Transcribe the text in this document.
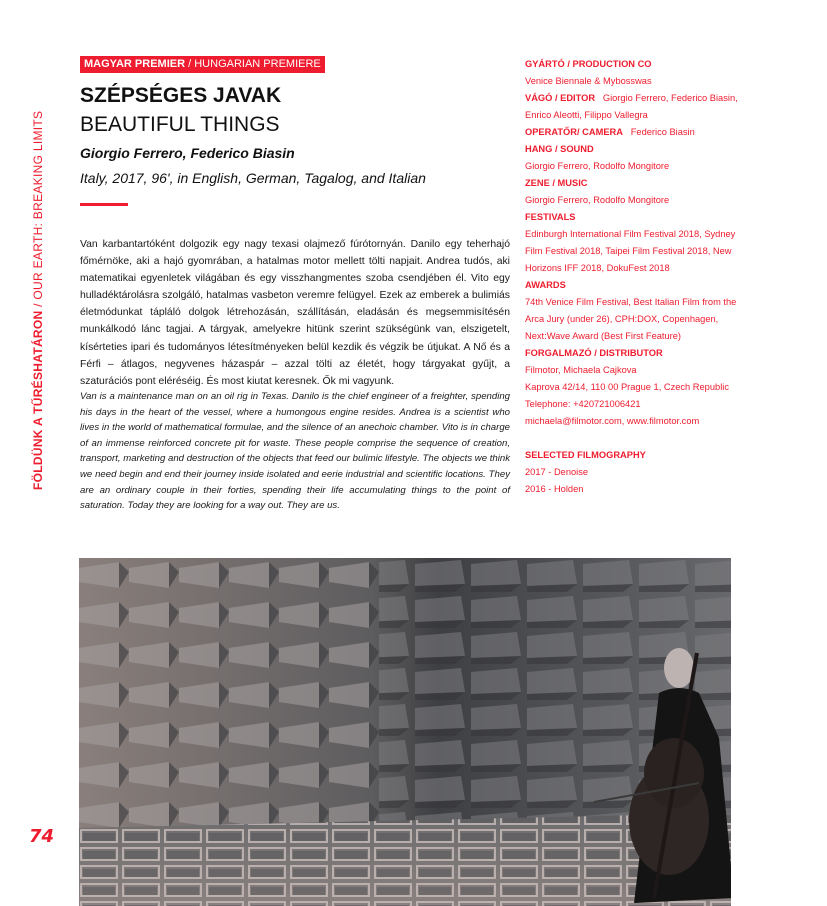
FÖLDÜNK A TŰRÉSHATÁRON / OUR EARTH: BREAKING LIMITS
74
MAGYAR PREMIER / HUNGARIAN PREMIERE
SZÉPSÉGES JAVAK
BEAUTIFUL THINGS
Giorgio Ferrero, Federico Biasin
Italy, 2017, 96', in English, German, Tagalog, and Italian

Van karbantartóként dolgozik egy nagy texasi olajmező fúrótornyán. Danilo egy teherhajó főmérnöke, aki a hajó gyomrában, a hatalmas motor mellett tölti napjait. Andrea tudós, aki matematikai egyenletek világában és egy visszhangmentes szoba csendjében él. Vito egy hulladéktárolásra szolgáló, hatalmas vasbeton veremre felügyel. Ezek az emberek a bulimiás életmódunkat tápláló dolgok létrehozásán, szállításán, eladásán és megsemmisítésén munkálkodó lánc tagjai. A tárgyak, amelyekre hitünk szerint szükségünk van, elszigetelt, kísérteties ipari és tudományos létesítményeken belül kezdik és végzik be útjukat. A Nő és a Férfi – átlagos, negyvenes házaspár – azzal tölti az életét, hogy tárgyakat gyűjt, a szaturációs pont eléréséig. És most kiutat keresnek. Ők mi vagyunk.

Van is a maintenance man on an oil rig in Texas. Danilo is the chief engineer of a freighter, spending his days in the heart of the vessel, where a humongous engine resides. Andrea is a scientist who lives in the world of mathematical formulae, and the silence of an anechoic chamber. Vito is in charge of an immense reinforced concrete pit for waste. These people comprise the sequence of creation, transport, marketing and destruction of the objects that feed our bulimic lifestyle. The objects we think we need begin and end their journey inside isolated and eerie industrial and scientific locations. They are an ordinary couple in their forties, spending their life accumulating things to the point of saturation. Today they are looking for a way out. They are us.

GYÁRTÓ / PRODUCTION CO
Venice Biennale & Mybosswas
VÁGÓ / EDITOR Giorgio Ferrero, Federico Biasin, Enrico Aleotti, Filippo Vallegra
OPERATŐR/ CAMERA Federico Biasin
HANG / SOUND
Giorgio Ferrero, Rodolfo Mongitore
ZENE / MUSIC
Giorgio Ferrero, Rodolfo Mongitore
FESTIVALS
Edinburgh International Film Festival 2018, Sydney Film Festival 2018, Taipei Film Festival 2018, New Horizons IFF 2018, DokuFest 2018
AWARDS
74th Venice Film Festival, Best Italian Film from the Arca Jury (under 26), CPH:DOX, Copenhagen, Next:Wave Award (Best First Feature)
FORGALMAZÓ / DISTRIBUTOR
Filmotor, Michaela Cajkova
Kaprova 42/14, 110 00 Prague 1, Czech Republic
Telephone: +420721006421
michaela@filmotor.com, www.filmotor.com
SELECTED FILMOGRAPHY
2017 - Denoise
2016 - Holden
